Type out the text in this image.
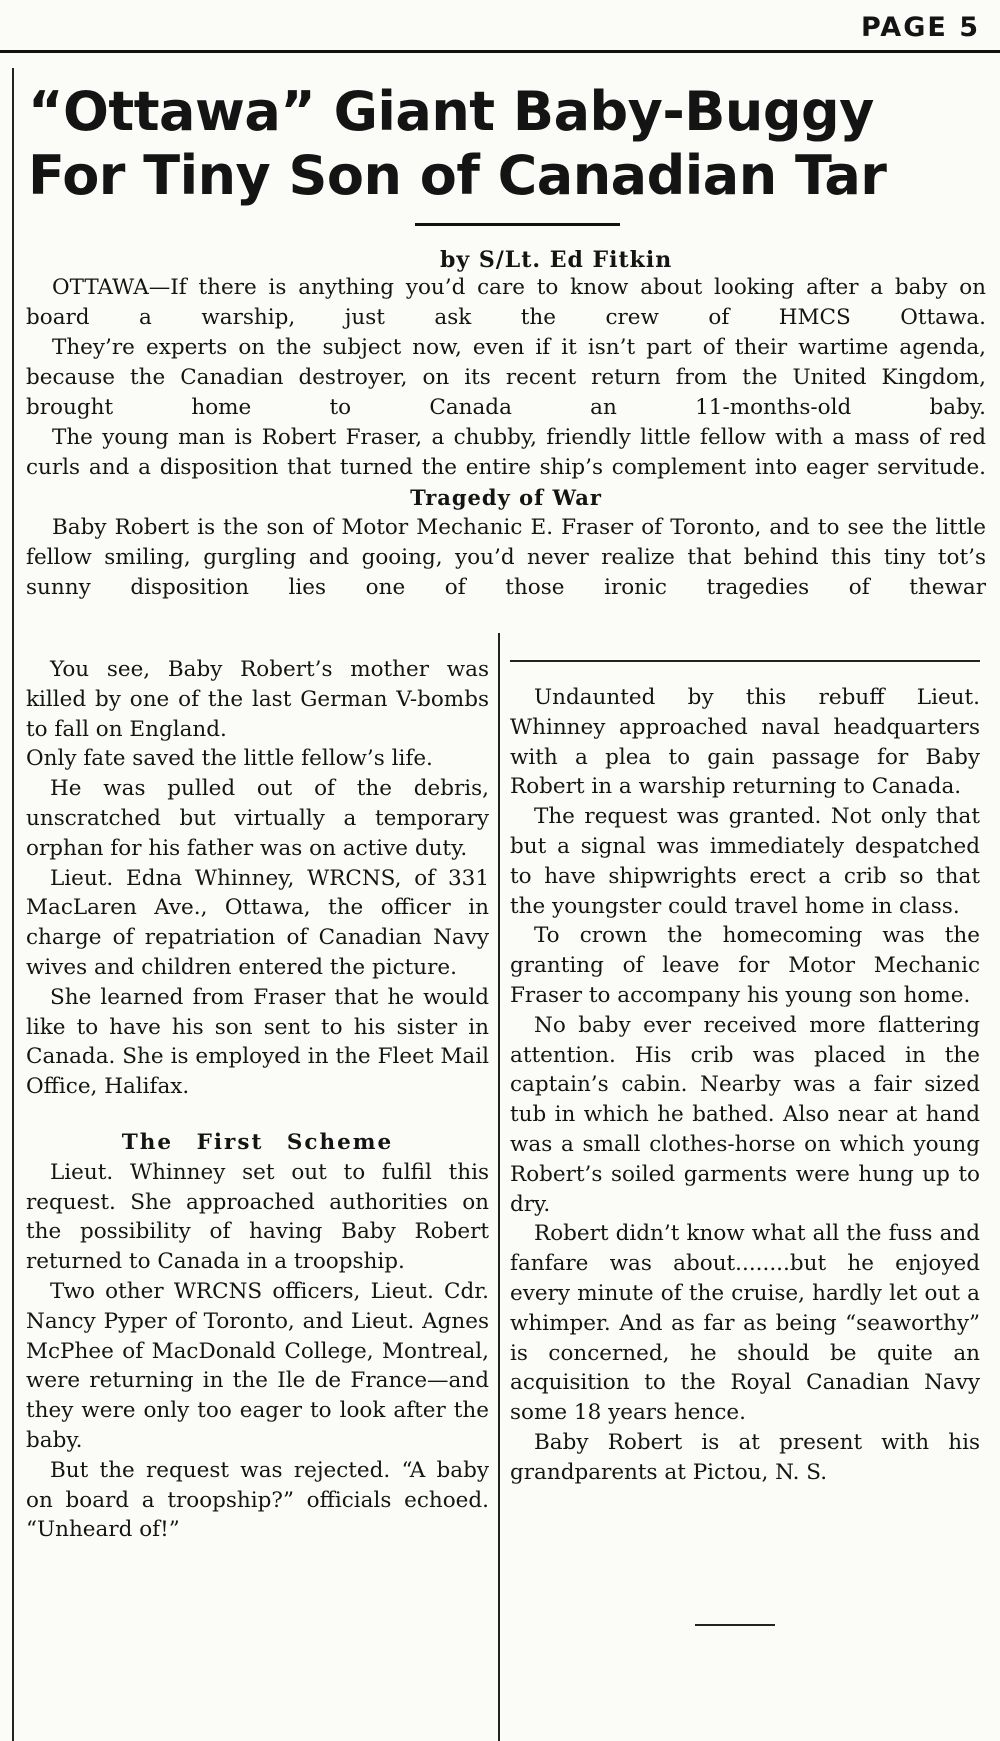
PAGE 5
“Ottawa” Giant Baby-Buggy
For Tiny Son of Canadian Tar
by S/Lt. Ed Fitkin

OTTAWA—If there is anything you’d care to know about looking after a baby on board a warship, just ask the crew of HMCS Ottawa.

They’re experts on the subject now, even if it isn’t part of their wartime agenda, because the Canadian destroyer, on its recent return from the United Kingdom, brought home to Canada an 11-months-old baby.

The young man is Robert Fraser, a chubby, friendly little fellow with a mass of red curls and a disposition that turned the entire ship’s complement into eager servitude.

Tragedy of War

Baby Robert is the son of Motor Mechanic E. Fraser of Toronto, and to see the little fellow smiling, gurgling and gooing, you’d never realize that behind this tiny tot’s sunny disposition lies one of those ironic tragedies of thewar

You see, Baby Robert’s mother was killed by one of the last German V-bombs to fall on England.

Only fate saved the little fellow’s life.

He was pulled out of the debris, unscratched but virtually a temporary orphan for his father was on active duty.

Lieut. Edna Whinney, WRCNS, of 331 MacLaren Ave., Ottawa, the officer in charge of repatriation of Canadian Navy wives and children entered the picture.

She learned from Fraser that he would like to have his son sent to his sister in Canada. She is employed in the Fleet Mail Office, Halifax.

The First Scheme

Lieut. Whinney set out to fulfil this request. She approached authorities on the possibility of having Baby Robert returned to Canada in a troopship.

Two other WRCNS officers, Lieut. Cdr. Nancy Pyper of Toronto, and Lieut. Agnes McPhee of MacDonald College, Montreal, were returning in the Ile de France—and they were only too eager to look after the baby.

But the request was rejected. “A baby on board a troopship?” officials echoed. “Unheard of!”

Undaunted by this rebuff Lieut. Whinney approached naval headquarters with a plea to gain passage for Baby Robert in a warship returning to Canada.

The request was granted. Not only that but a signal was immediately despatched to have shipwrights erect a crib so that the youngster could travel home in class.

To crown the homecoming was the granting of leave for Motor Mechanic Fraser to accompany his young son home.

No baby ever received more flattering attention. His crib was placed in the captain’s cabin. Nearby was a fair sized tub in which he bathed. Also near at hand was a small clothes-horse on which young Robert’s soiled garments were hung up to dry.

Robert didn’t know what all the fuss and fanfare was about........but he enjoyed every minute of the cruise, hardly let out a whimper. And as far as being “seaworthy” is concerned, he should be quite an acquisition to the Royal Canadian Navy some 18 years hence.

Baby Robert is at present with his grandparents at Pictou, N. S.
